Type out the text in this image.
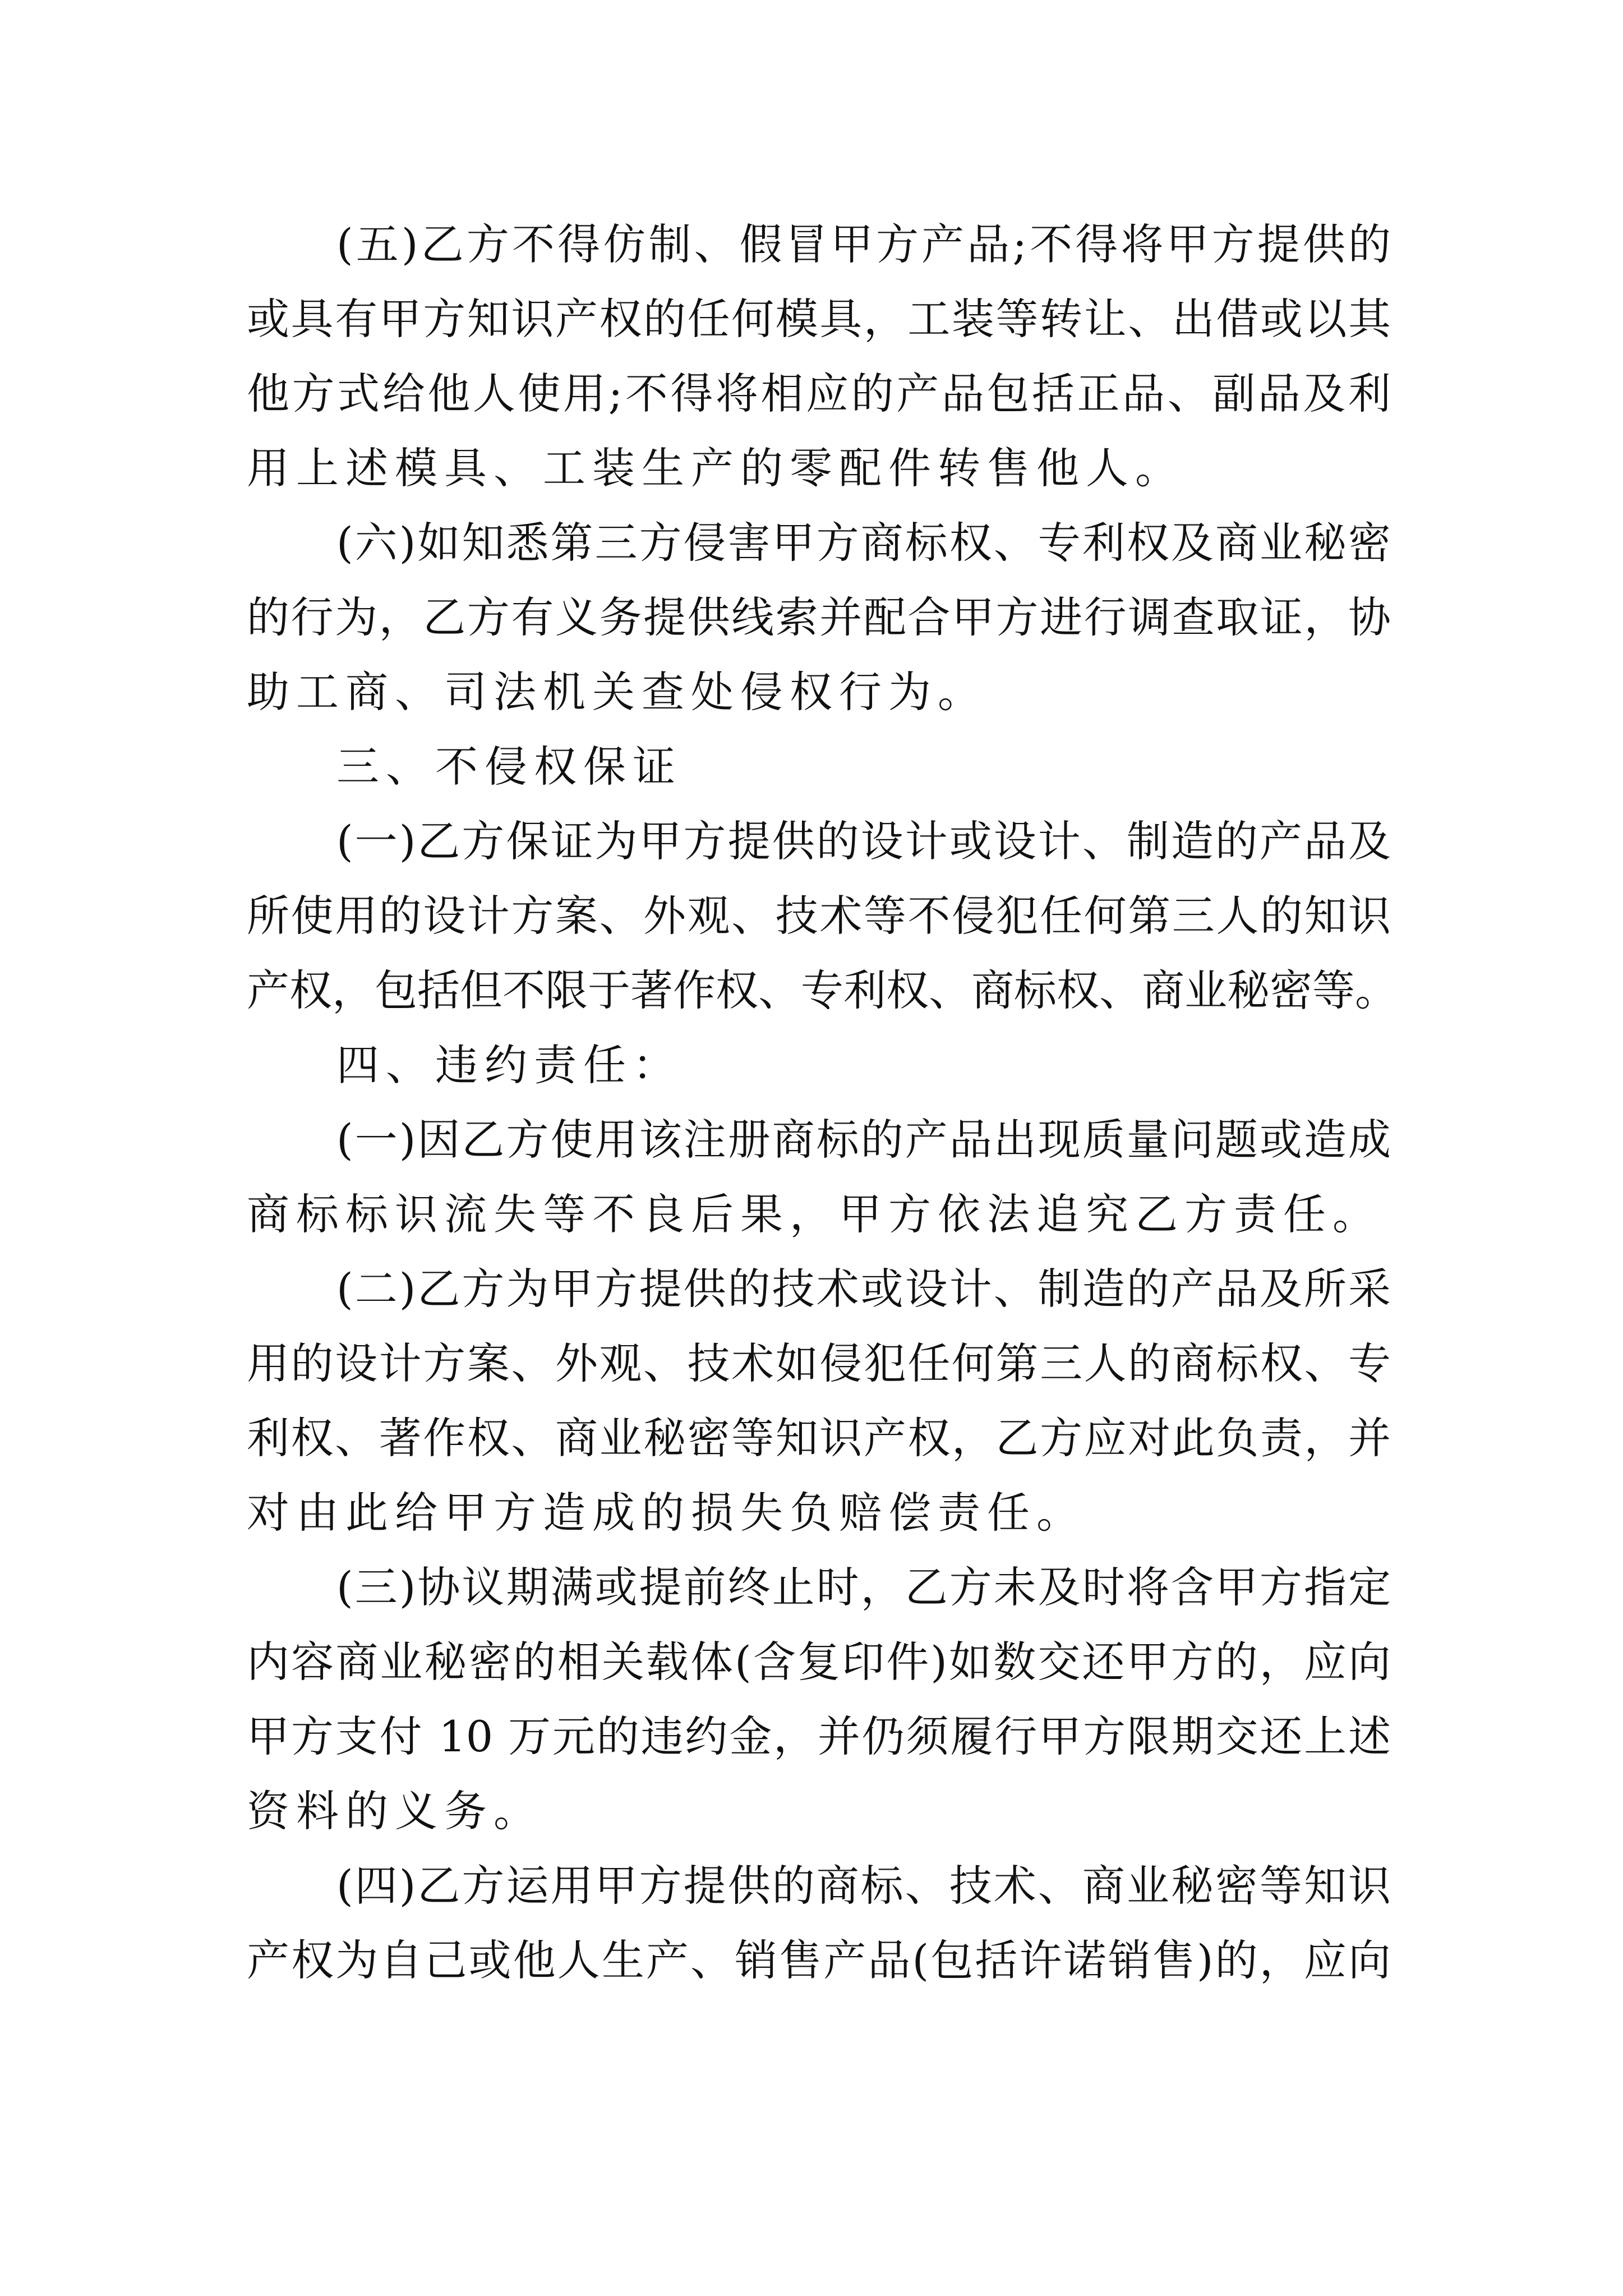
(五)乙方不得仿制、假冒甲方产品;不得将甲方提供的
或具有甲方知识产权的任何模具，工装等转让、出借或以其
他方式给他人使用;不得将相应的产品包括正品、副品及利
用上述模具、工装生产的零配件转售他人。
(六)如知悉第三方侵害甲方商标权、专利权及商业秘密
的行为，乙方有义务提供线索并配合甲方进行调查取证，协
助工商、司法机关查处侵权行为。
三、不侵权保证
(一)乙方保证为甲方提供的设计或设计、制造的产品及
所使用的设计方案、外观、技术等不侵犯任何第三人的知识
产权，包括但不限于著作权、专利权、商标权、商业秘密等。
四、违约责任：
(一)因乙方使用该注册商标的产品出现质量问题或造成
商标标识流失等不良后果，甲方依法追究乙方责任。
(二)乙方为甲方提供的技术或设计、制造的产品及所采
用的设计方案、外观、技术如侵犯任何第三人的商标权、专
利权、著作权、商业秘密等知识产权，乙方应对此负责，并
对由此给甲方造成的损失负赔偿责任。
(三)协议期满或提前终止时，乙方未及时将含甲方指定
内容商业秘密的相关载体(含复印件)如数交还甲方的，应向
甲方支付 10 万元的违约金，并仍须履行甲方限期交还上述
资料的义务。
(四)乙方运用甲方提供的商标、技术、商业秘密等知识
产权为自己或他人生产、销售产品(包括许诺销售)的，应向
